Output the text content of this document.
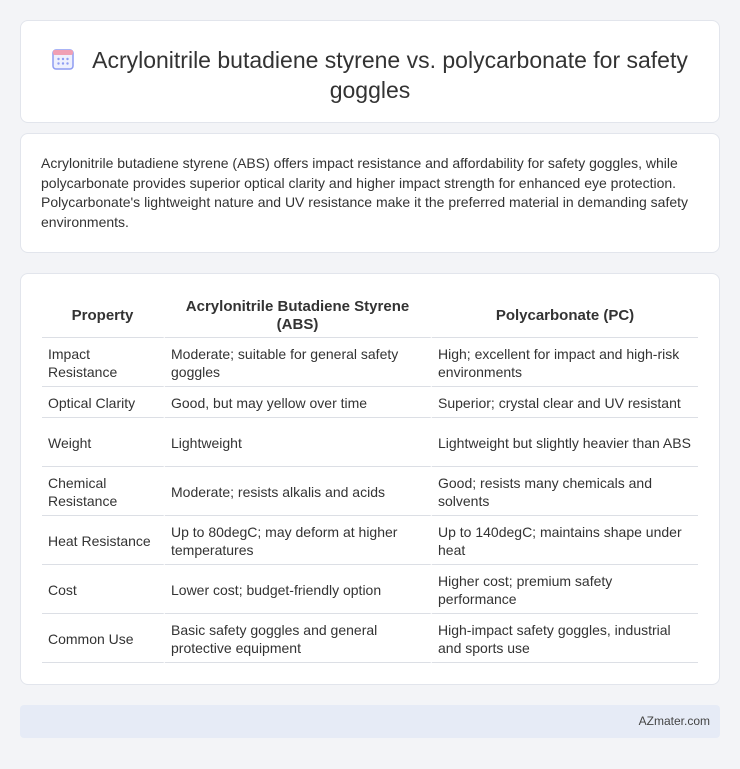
Acrylonitrile butadiene styrene vs. polycarbonate for safety goggles

Acrylonitrile butadiene styrene (ABS) offers impact resistance and affordability for safety goggles, while polycarbonate provides superior optical clarity and higher impact strength for enhanced eye protection. Polycarbonate's lightweight nature and UV resistance make it the preferred material in demanding safety environments.

Property	Acrylonitrile Butadiene Styrene (ABS)	Polycarbonate (PC)
Impact Resistance	Moderate; suitable for general safety goggles	High; excellent for impact and high-risk environments
Optical Clarity	Good, but may yellow over time	Superior; crystal clear and UV resistant
Weight	Lightweight	Lightweight but slightly heavier than ABS
Chemical Resistance	Moderate; resists alkalis and acids	Good; resists many chemicals and solvents
Heat Resistance	Up to 80degC; may deform at higher temperatures	Up to 140degC; maintains shape under heat
Cost	Lower cost; budget-friendly option	Higher cost; premium safety performance
Common Use	Basic safety goggles and general protective equipment	High-impact safety goggles, industrial and sports use
AZmater.com
